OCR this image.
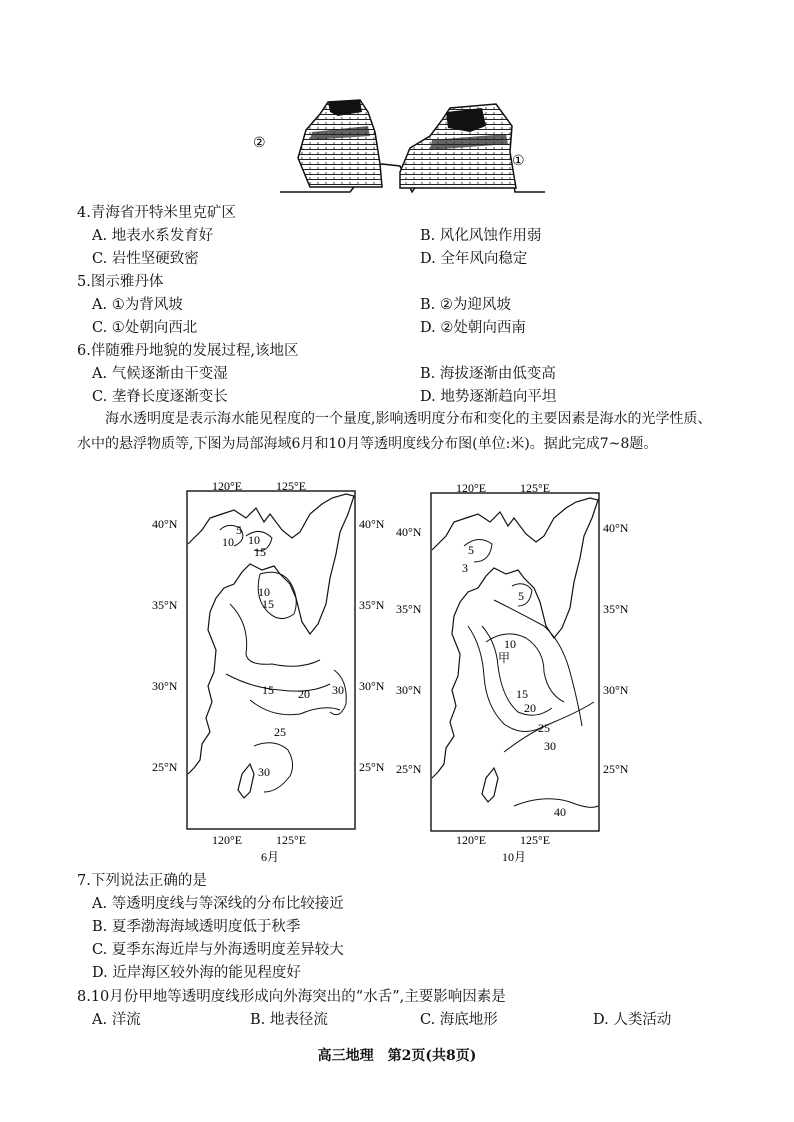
②
①
4.青海省开特米里克矿区
A. 地表水系发育好	B. 风化风蚀作用弱
C. 岩性坚硬致密	D. 全年风向稳定
5.图示雅丹体
A. ①为背风坡	B. ②为迎风坡
C. ①处朝向西北	D. ②处朝向西南
6.伴随雅丹地貌的发展过程,该地区
A. 气候逐渐由干变湿	B. 海拔逐渐由低变高
C. 垄脊长度逐渐变长	D. 地势逐渐趋向平坦
海水透明度是表示海水能见程度的一个量度,影响透明度分布和变化的主要因素是海水的光学性质、水中的悬浮物质等,下图为局部海域6月和10月等透明度线分布图(单位:米)。据此完成7~8题。
120°E	125°E
120°E	125°E
40°N
35°N
30°N
25°N
40°N
35°N
30°N
25°N
5
10 10
15
10
15
15 20 30
25
30
6月
120°E	125°E
120°E	125°E
40°N
35°N
30°N
25°N
40°N
35°N
30°N
25°N
5
3
5
10
甲
15
20
25
30
40
10月
7.下列说法正确的是
A. 等透明度线与等深线的分布比较接近
B. 夏季渤海海域透明度低于秋季
C. 夏季东海近岸与外海透明度差异较大
D. 近岸海区较外海的能见程度好
8.10月份甲地等透明度线形成向外海突出的“水舌”,主要影响因素是
A. 洋流	B. 地表径流	C. 海底地形	D. 人类活动
高三地理　第2页(共8页)
